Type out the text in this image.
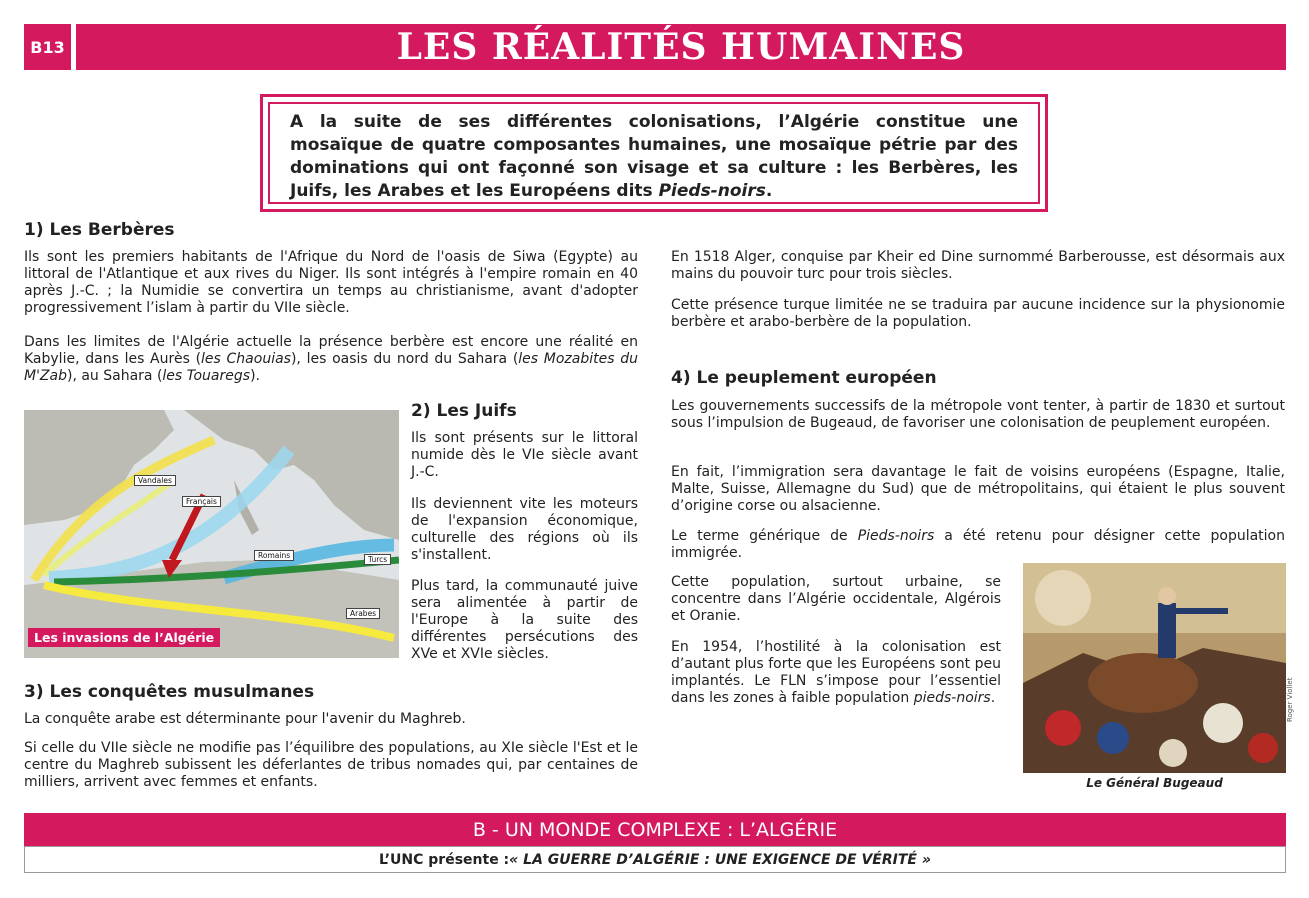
B13	LES RÉALITÉS HUMAINES
A la suite de ses différentes colonisations, l’Algérie constitue une mosaïque de quatre composantes humaines, une mosaïque pétrie par des dominations qui ont façonné son visage et sa culture : les Berbères, les Juifs, les Arabes et les Européens dits Pieds-noirs.
1) Les Berbères
Ils sont les premiers habitants de l'Afrique du Nord de l'oasis de Siwa (Egypte) au littoral de l'Atlantique et aux rives du Niger. Ils sont intégrés à l'empire romain en 40 après J.-C. ; la Numidie se convertira un temps au christianisme, avant d'adopter progressivement l’islam à partir du VIIe siècle.
Dans les limites de l'Algérie actuelle la présence berbère est encore une réalité en Kabylie, dans les Aurès (les Chaouias), les oasis du nord du Sahara (les Mozabites du M'Zab), au Sahara (les Touaregs).
Vandales
Français
Romains	Turcs
Arabes
Les invasions de l’Algérie
2) Les Juifs
Ils sont présents sur le littoral numide dès le VIe siècle avant J.-C.
Ils deviennent vite les moteurs de l'expansion économique, culturelle des régions où ils s'installent.
Plus tard, la communauté juive sera alimentée à partir de l'Europe à la suite des différentes persécutions des XVe et XVIe siècles.
3) Les conquêtes musulmanes
La conquête arabe est déterminante pour l'avenir du Maghreb.
Si celle du VIIe siècle ne modifie pas l’équilibre des populations, au XIe siècle l'Est et le centre du Maghreb subissent les déferlantes de tribus nomades qui, par centaines de milliers, arrivent avec femmes et enfants.
En 1518 Alger, conquise par Kheir ed Dine surnommé Barberousse, est désormais aux mains du pouvoir turc pour trois siècles.
Cette présence turque limitée ne se traduira par aucune incidence sur la physionomie berbère et arabo-berbère de la population.
4) Le peuplement européen
Les gouvernements successifs de la métropole vont tenter, à partir de 1830 et surtout sous l’impulsion de Bugeaud, de favoriser une colonisation de peuplement européen.
En fait, l’immigration sera davantage le fait de voisins européens (Espagne, Italie, Malte, Suisse, Allemagne du Sud) que de métropolitains, qui étaient le plus souvent d’origine corse ou alsacienne.
Le terme générique de Pieds-noirs a été retenu pour désigner cette population immigrée.
Cette population, surtout urbaine, se concentre dans l’Algérie occidentale, Algérois et Oranie.
En 1954, l’hostilité à la colonisation est d’autant plus forte que les Européens sont peu implantés. Le FLN s’impose pour l’essentiel dans les zones à faible population pieds-noirs.	Roger Viollet
Le Général Bugeaud
B - UN MONDE COMPLEXE : L’ALGÉRIE
L’UNC présente : « LA GUERRE D’ALGÉRIE : UNE EXIGENCE DE VÉRITÉ »
